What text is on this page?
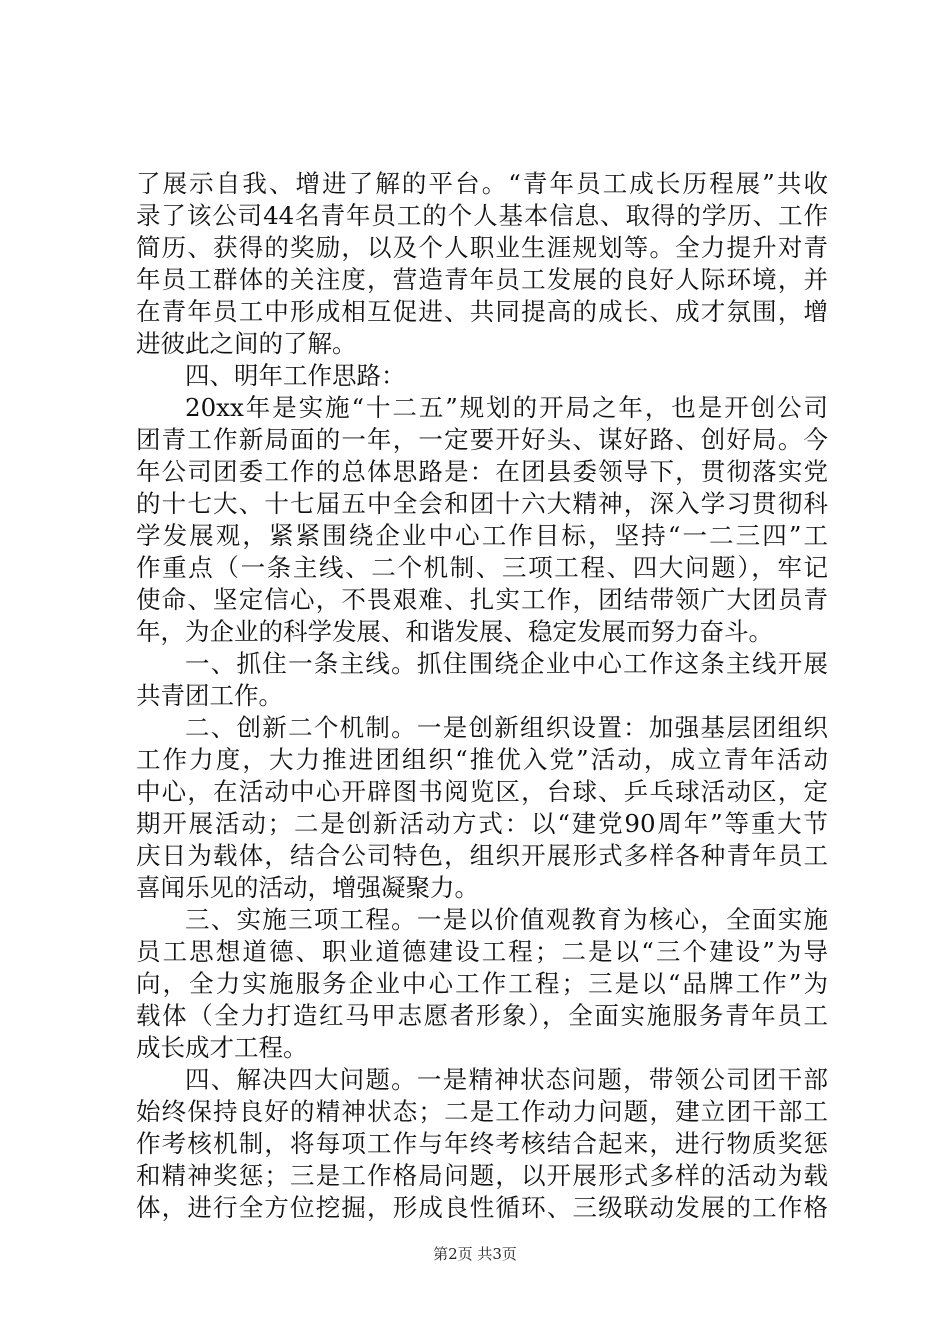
了展示自我、增进了解的平台。“青年员工成长历程展”共收
录了该公司44名青年员工的个人基本信息、取得的学历、工作
简历、获得的奖励，以及个人职业生涯规划等。全力提升对青
年员工群体的关注度，营造青年员工发展的良好人际环境，并
在青年员工中形成相互促进、共同提高的成长、成才氛围，增
进彼此之间的了解。
四、明年工作思路：
20xx年是实施“十二五”规划的开局之年，也是开创公司
团青工作新局面的一年，一定要开好头、谋好路、创好局。今
年公司团委工作的总体思路是：在团县委领导下，贯彻落实党
的十七大、十七届五中全会和团十六大精神，深入学习贯彻科
学发展观，紧紧围绕企业中心工作目标，坚持“一二三四”工
作重点（一条主线、二个机制、三项工程、四大问题），牢记
使命、坚定信心，不畏艰难、扎实工作，团结带领广大团员青
年，为企业的科学发展、和谐发展、稳定发展而努力奋斗。
一、抓住一条主线。抓住围绕企业中心工作这条主线开展
共青团工作。
二、创新二个机制。一是创新组织设置：加强基层团组织
工作力度，大力推进团组织“推优入党”活动，成立青年活动
中心，在活动中心开辟图书阅览区，台球、乒乓球活动区，定
期开展活动；二是创新活动方式：以“建党90周年”等重大节
庆日为载体，结合公司特色，组织开展形式多样各种青年员工
喜闻乐见的活动，增强凝聚力。
三、实施三项工程。一是以价值观教育为核心，全面实施
员工思想道德、职业道德建设工程；二是以“三个建设”为导
向，全力实施服务企业中心工作工程；三是以“品牌工作”为
载体（全力打造红马甲志愿者形象），全面实施服务青年员工
成长成才工程。
四、解决四大问题。一是精神状态问题，带领公司团干部
始终保持良好的精神状态；二是工作动力问题，建立团干部工
作考核机制，将每项工作与年终考核结合起来，进行物质奖惩
和精神奖惩；三是工作格局问题，以开展形式多样的活动为载
体，进行全方位挖掘，形成良性循环、三级联动发展的工作格
第2页 共3页
